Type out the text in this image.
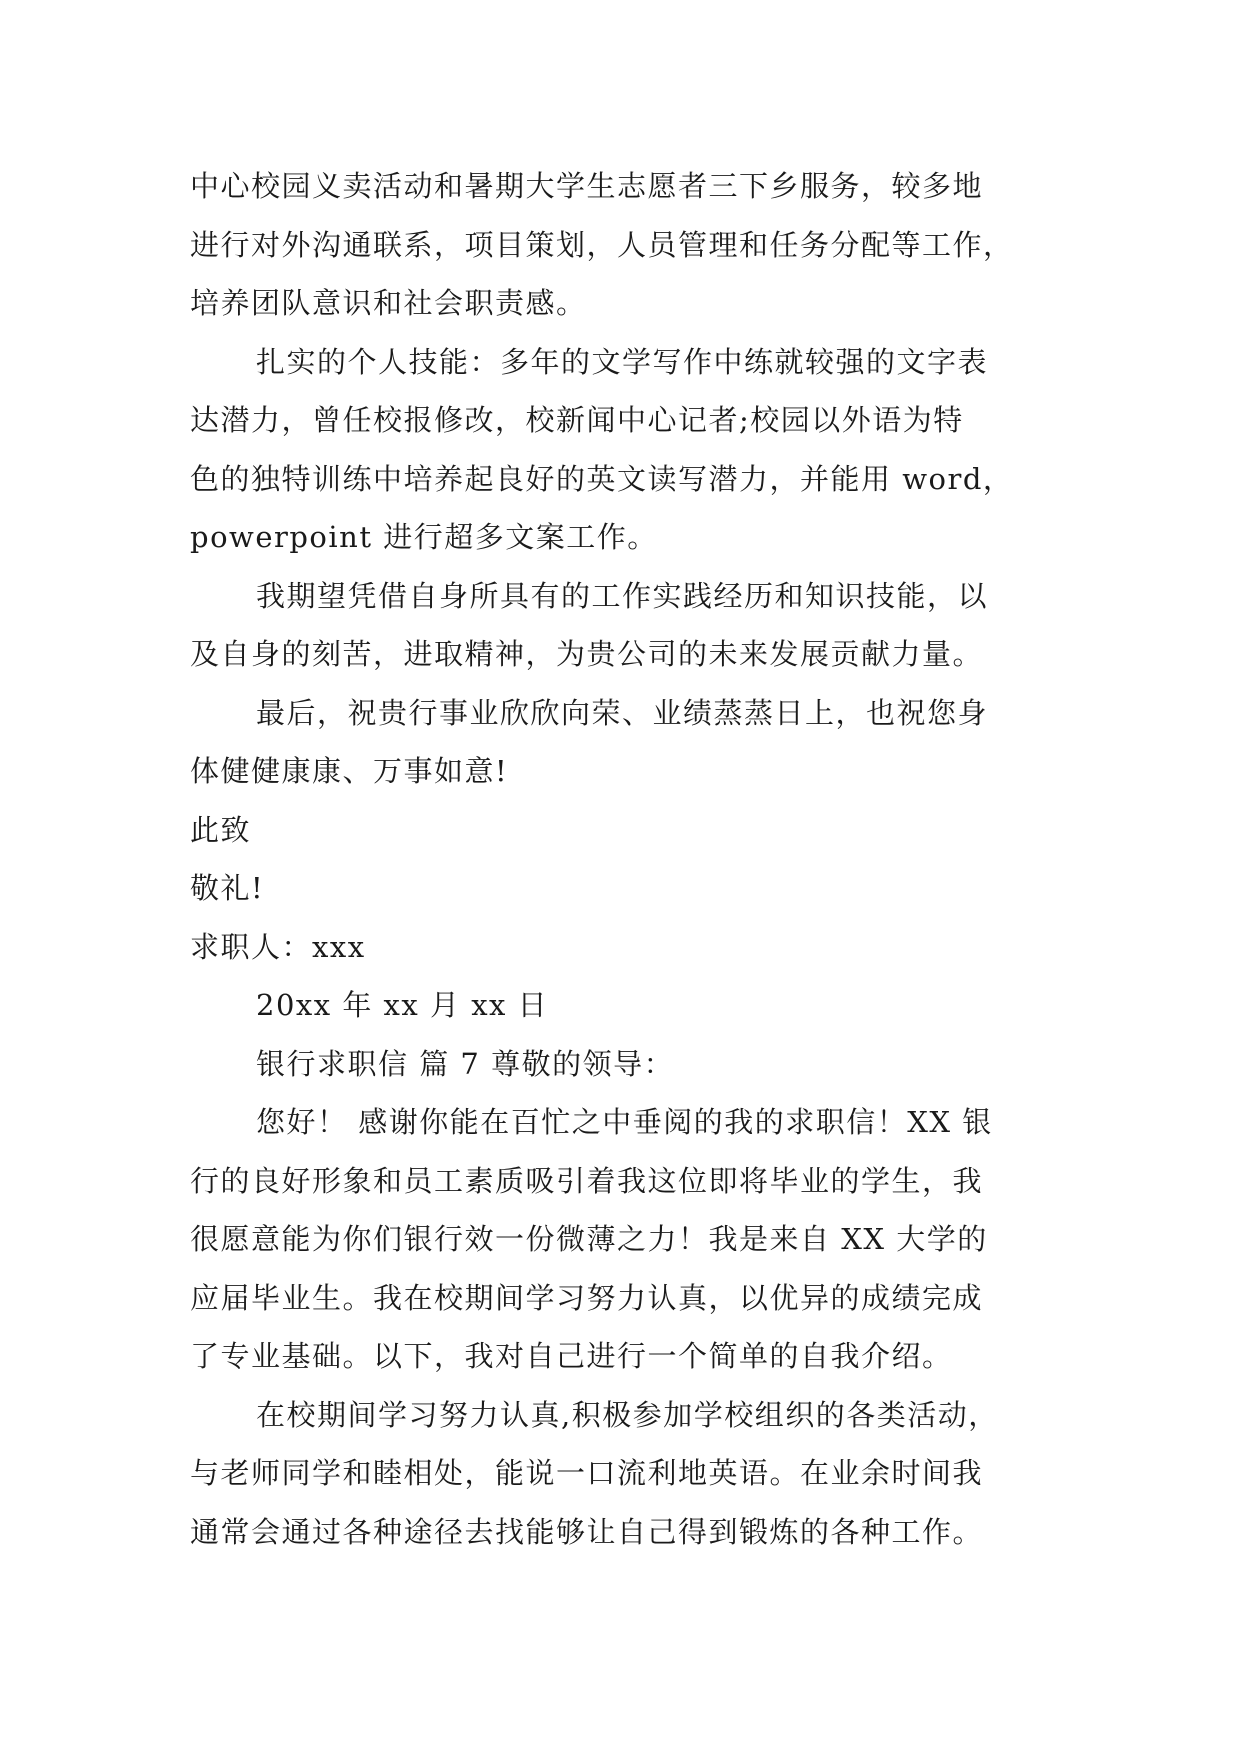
中心校园义卖活动和暑期大学生志愿者三下乡服务，较多地
进行对外沟通联系，项目策划，人员管理和任务分配等工作，
培养团队意识和社会职责感。
扎实的个人技能：多年的文学写作中练就较强的文字表
达潜力，曾任校报修改，校新闻中心记者;校园以外语为特
色的独特训练中培养起良好的英文读写潜力，并能用 word，
powerpoint 进行超多文案工作。
我期望凭借自身所具有的工作实践经历和知识技能，以
及自身的刻苦，进取精神，为贵公司的未来发展贡献力量。
最后，祝贵行事业欣欣向荣、业绩蒸蒸日上，也祝您身
体健健康康、万事如意!
此致
敬礼!
求职人：xxx
20xx 年 xx 月 xx 日
银行求职信 篇 7 尊敬的领导：
您好！ 感谢你能在百忙之中垂阅的我的求职信！XX 银
行的良好形象和员工素质吸引着我这位即将毕业的学生，我
很愿意能为你们银行效一份微薄之力！我是来自 XX 大学的
应届毕业生。我在校期间学习努力认真，以优异的成绩完成
了专业基础。以下，我对自己进行一个简单的自我介绍。
在校期间学习努力认真,积极参加学校组织的各类活动，
与老师同学和睦相处，能说一口流利地英语。在业余时间我
通常会通过各种途径去找能够让自己得到锻炼的各种工作。
